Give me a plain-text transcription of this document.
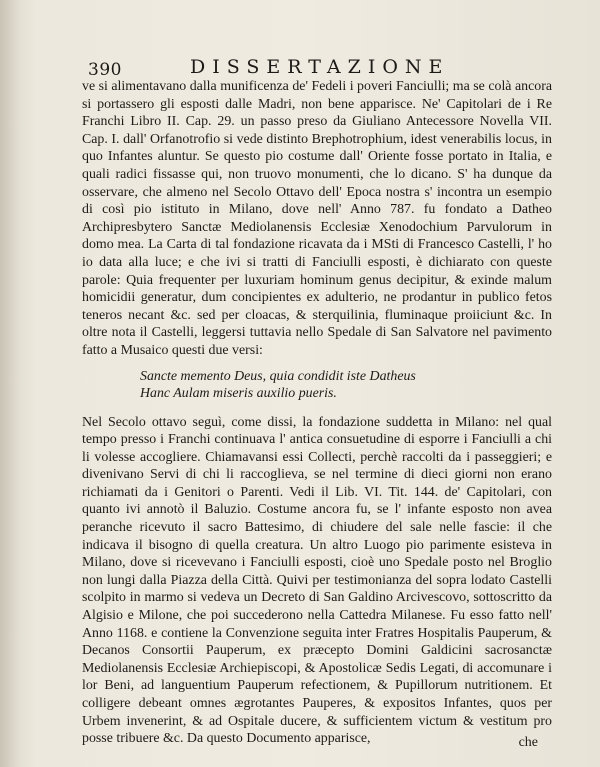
390	DISSERTAZIONE

ve si alimentavano dalla munificenza de' Fedeli i poveri Fanciulli; ma se colà ancora si portassero gli esposti dalle Madri, non bene apparisce. Ne' Capitolari de i Re Franchi Libro II. Cap. 29. un passo preso da Giuliano Antecessore Novella VII. Cap. I. dall' Orfanotrofio si vede distinto Brephotrophium, idest venerabilis locus, in quo Infantes aluntur. Se questo pio costume dall' Oriente fosse portato in Italia, e quali radici fissasse qui, non truovo monumenti, che lo dicano. S' ha dunque da osservare, che almeno nel Secolo Ottavo dell' Epoca nostra s' incontra un esempio di così pio istituto in Milano, dove nell' Anno 787. fu fondato a Datheo Archipresbytero Sanctæ Mediolanensis Ecclesiæ Xenodochium Parvulorum in domo mea. La Carta di tal fondazione ricavata da i MSti di Francesco Castelli, l' ho io data alla luce; e che ivi si tratti di Fanciulli esposti, è dichiarato con queste parole: Quia frequenter per luxuriam hominum genus decipitur, & exinde malum homicidii generatur, dum concipientes ex adulterio, ne prodantur in publico fetos teneros necant &c. sed per cloacas, & sterquilinia, fluminaque proiiciunt &c. In oltre nota il Castelli, leggersi tuttavia nello Spedale di San Salvatore nel pavimento fatto a Musaico questi due versi:

Sancte memento Deus, quia condidit iste Datheus
Hanc Aulam miseris auxilio pueris.

Nel Secolo ottavo seguì, come dissi, la fondazione suddetta in Milano: nel qual tempo presso i Franchi continuava l' antica consuetudine di esporre i Fanciulli a chi li volesse accogliere. Chiamavansi essi Collecti, perchè raccolti da i passeggieri; e divenivano Servi di chi li raccoglieva, se nel termine di dieci giorni non erano richiamati da i Genitori o Parenti. Vedi il Lib. VI. Tit. 144. de' Capitolari, con quanto ivi annotò il Baluzio. Costume ancora fu, se l' infante esposto non avea peranche ricevuto il sacro Battesimo, di chiudere del sale nelle fascie: il che indicava il bisogno di quella creatura. Un altro Luogo pio parimente esisteva in Milano, dove si ricevevano i Fanciulli esposti, cioè uno Spedale posto nel Broglio non lungi dalla Piazza della Città. Quivi per testimonianza del sopra lodato Castelli scolpito in marmo si vedeva un Decreto di San Galdino Arcivescovo, sottoscritto da Algisio e Milone, che poi succederono nella Cattedra Milanese. Fu esso fatto nell' Anno 1168. e contiene la Convenzione seguita inter Fratres Hospitalis Pauperum, & Decanos Consortii Pauperum, ex præcepto Domini Galdicini sacrosanctæ Mediolanensis Ecclesiæ Archiepiscopi, & Apostolicæ Sedis Legati, di accomunare i lor Beni, ad languentium Pauperum refectionem, & Pupillorum nutritionem. Et colligere debeant omnes ægrotantes Pauperes, & expositos Infantes, quos per Urbem invenerint, & ad Ospitale ducere, & sufficientem victum & vestitum pro posse tribuere &c. Da questo Documento apparisce,	che
